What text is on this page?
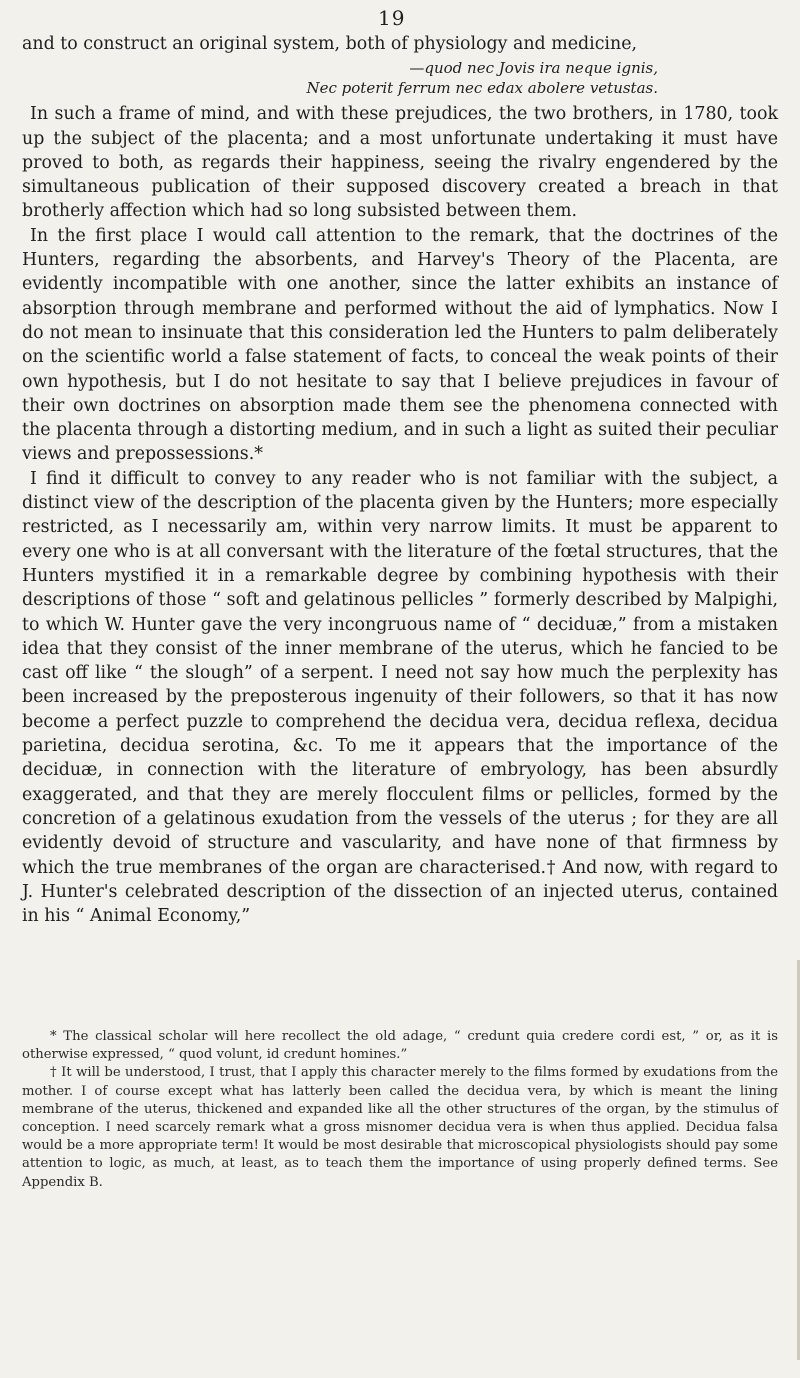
19

and to construct an original system, both of physiology and medicine,

—quod nec Jovis ira neque ignis,
Nec poterit ferrum nec edax abolere vetustas.

In such a frame of mind, and with these prejudices, the two brothers, in 1780, took up the subject of the placenta; and a most unfortunate undertaking it must have proved to both, as regards their happiness, seeing the rivalry engendered by the simultaneous publication of their supposed discovery created a breach in that brotherly affection which had so long subsisted between them.

In the first place I would call attention to the remark, that the doctrines of the Hunters, regarding the absorbents, and Harvey's Theory of the Placenta, are evidently incompatible with one another, since the latter exhibits an instance of absorption through membrane and performed without the aid of lymphatics. Now I do not mean to insinuate that this consideration led the Hunters to palm deliberately on the scientific world a false statement of facts, to conceal the weak points of their own hypothesis, but I do not hesitate to say that I believe prejudices in favour of their own doctrines on absorption made them see the phenomena connected with the placenta through a distorting medium, and in such a light as suited their peculiar views and prepossessions.*

I find it difficult to convey to any reader who is not familiar with the subject, a distinct view of the description of the placenta given by the Hunters; more especially restricted, as I necessarily am, within very narrow limits. It must be apparent to every one who is at all conversant with the literature of the fœtal structures, that the Hunters mystified it in a remarkable degree by combining hypothesis with their descriptions of those “ soft and gelatinous pellicles ” formerly described by Malpighi, to which W. Hunter gave the very incongruous name of “ deciduæ,” from a mistaken idea that they consist of the inner membrane of the uterus, which he fancied to be cast off like “ the slough” of a serpent. I need not say how much the perplexity has been increased by the preposterous ingenuity of their followers, so that it has now become a perfect puzzle to comprehend the decidua vera, decidua reflexa, decidua parietina, decidua serotina, &c. To me it appears that the importance of the deciduæ, in connection with the literature of embryology, has been absurdly exaggerated, and that they are merely flocculent films or pellicles, formed by the concretion of a gelatinous exudation from the vessels of the uterus ; for they are all evidently devoid of structure and vascularity, and have none of that firmness by which the true membranes of the organ are characterised.† And now, with regard to J. Hunter's celebrated description of the dissection of an injected uterus, contained in his “ Animal Economy,”

* The classical scholar will here recollect the old adage, “ credunt quia credere cordi est, ” or, as it is otherwise expressed, “ quod volunt, id credunt homines.”

† It will be understood, I trust, that I apply this character merely to the films formed by exudations from the mother. I of course except what has latterly been called the decidua vera, by which is meant the lining membrane of the uterus, thickened and expanded like all the other structures of the organ, by the stimulus of conception. I need scarcely remark what a gross misnomer decidua vera is when thus applied. Decidua falsa would be a more appropriate term! It would be most desirable that microscopical physiologists should pay some attention to logic, as much, at least, as to teach them the importance of using properly defined terms. See Appendix B.
